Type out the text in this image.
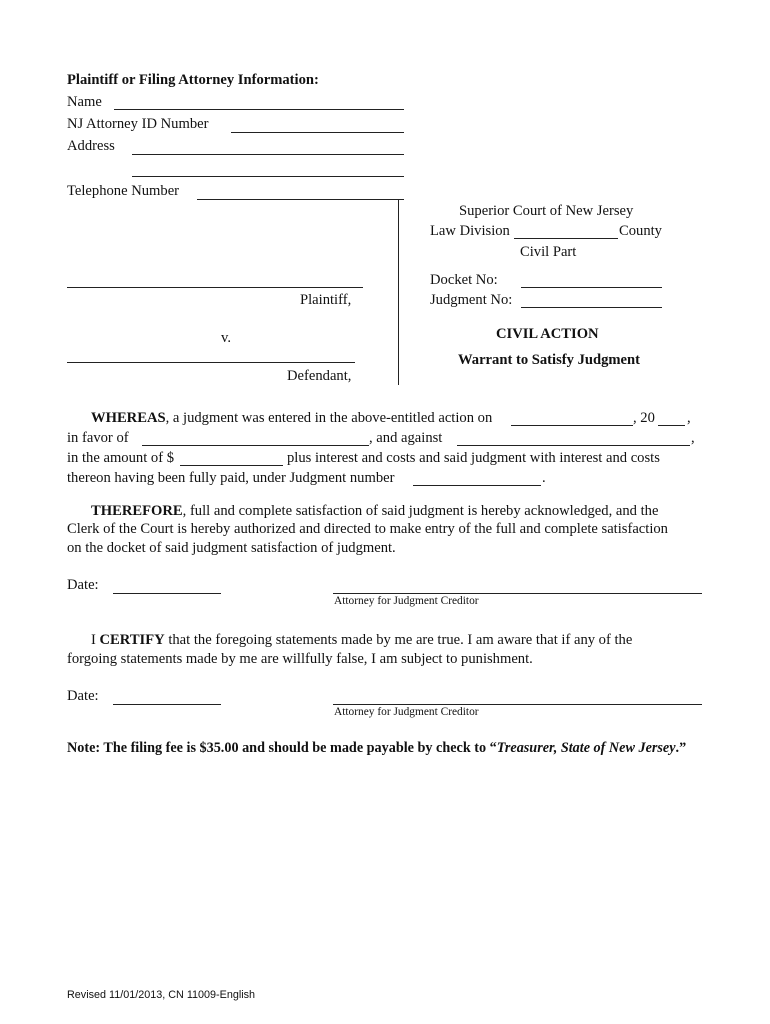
Plaintiff or Filing Attorney Information:
Name
NJ Attorney ID Number
Address
Telephone Number
Plaintiff,
v.
Defendant,
Superior Court of New Jersey
Law Division	County
Civil Part
Docket No:
Judgment No:
CIVIL ACTION
Warrant to Satisfy Judgment
WHEREAS, a judgment was entered in the above-entitled action on	, 20 ,
in favor of	, and against	,
in the amount of $	plus interest and costs and said judgment with interest and costs
thereon having been fully paid, under Judgment number	.
THEREFORE, full and complete satisfaction of said judgment is hereby acknowledged, and the
Clerk of the Court is hereby authorized and directed to make entry of the full and complete satisfaction
on the docket of said judgment satisfaction of judgment.
Date:
Attorney for Judgment Creditor
I CERTIFY that the foregoing statements made by me are true. I am aware that if any of the
forgoing statements made by me are willfully false, I am subject to punishment.
Date:
Attorney for Judgment Creditor
Note: The filing fee is $35.00 and should be made payable by check to “Treasurer, State of New Jersey.”
Revised 11/01/2013, CN 11009-English
